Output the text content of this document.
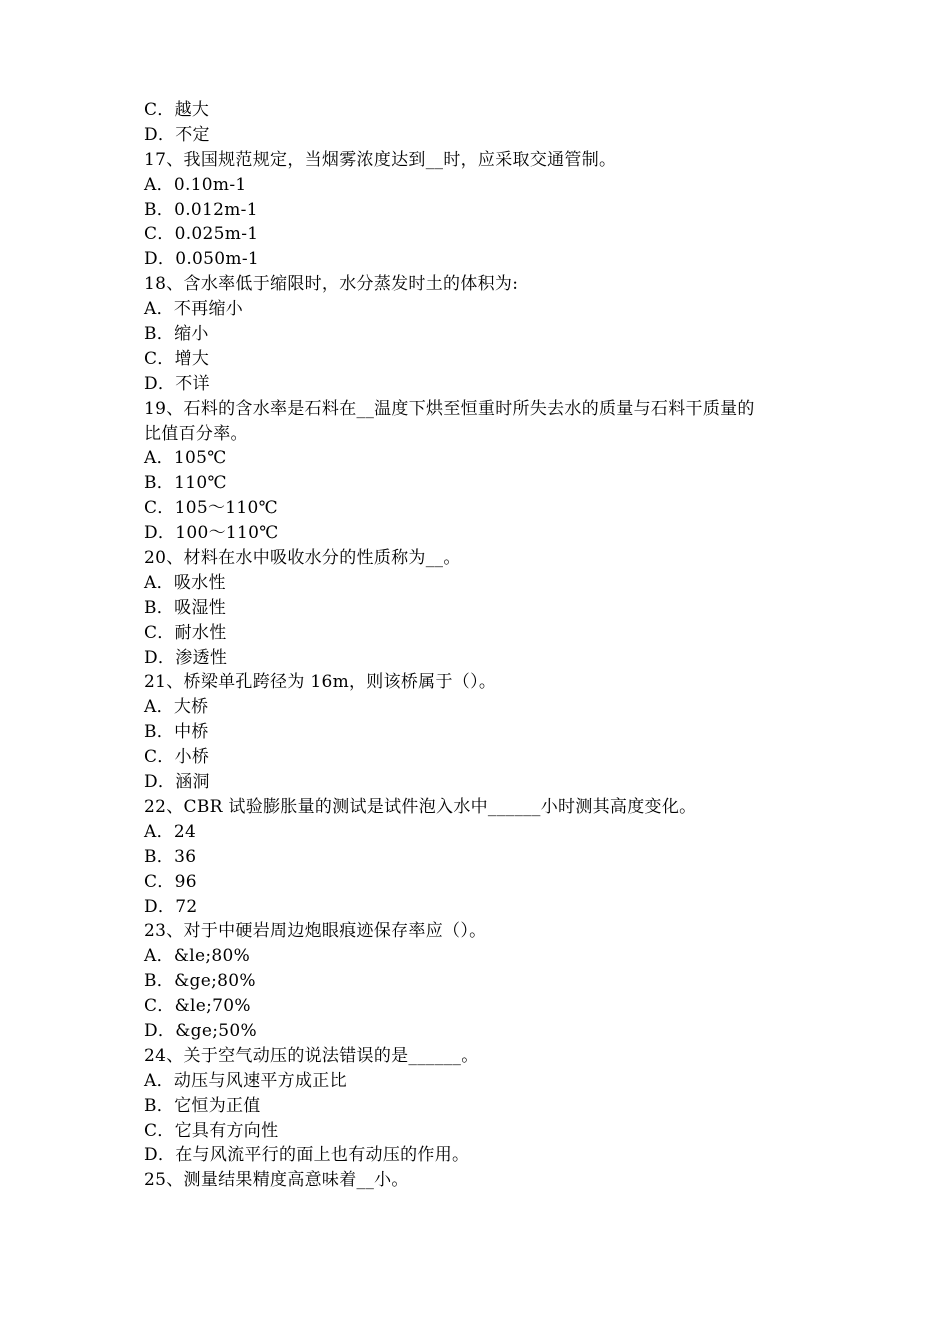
C．越大
D．不定
17、我国规范规定，当烟雾浓度达到__时，应采取交通管制。
A．0.10m-1
B．0.012m-1
C．0.025m-1
D．0.050m-1
18、含水率低于缩限时，水分蒸发时土的体积为:
A．不再缩小
B．缩小
C．增大
D．不详
19、石料的含水率是石料在__温度下烘至恒重时所失去水的质量与石料干质量的
比值百分率。
A．105℃
B．110℃
C．105～110℃
D．100～110℃
20、材料在水中吸收水分的性质称为__。
A．吸水性
B．吸湿性
C．耐水性
D．渗透性
21、桥梁单孔跨径为 16m，则该桥属于（）。
A．大桥
B．中桥
C．小桥
D．涵洞
22、CBR 试验膨胀量的测试是试件泡入水中______小时测其高度变化。
A．24
B．36
C．96
D．72
23、对于中硬岩周边炮眼痕迹保存率应（）。
A．&le;80%
B．&ge;80%
C．&le;70%
D．&ge;50%
24、关于空气动压的说法错误的是______。
A．动压与风速平方成正比
B．它恒为正值
C．它具有方向性
D．在与风流平行的面上也有动压的作用。
25、测量结果精度高意味着__小。
